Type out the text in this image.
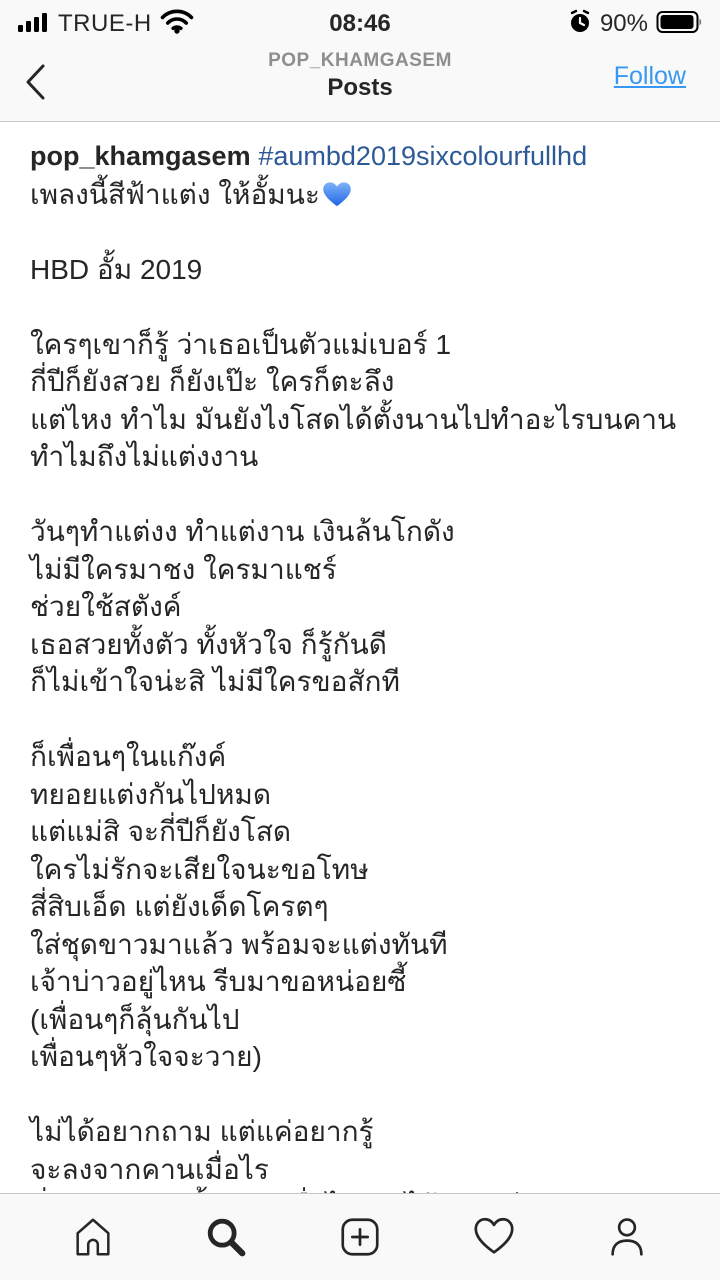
TRUE-H	08:46	90%
POP_KHAMGASEM
Posts	Follow
pop_khamgasem #aumbd2019sixcolourfullhd
เพลงนี้สีฟ้าแต่ง ให้อั้มนะ

HBD อั้ม 2019

ใครๆเขาก็รู้ ว่าเธอเป็นตัวแม่เบอร์ 1
กี่ปีก็ยังสวย ก็ยังเป๊ะ ใครก็ตะลึง
แต่ไหง ทำไม มันยังไงโสดได้ตั้งนานไปทำอะไรบนคาน
ทำไมถึงไม่แต่งงาน

วันๆทำแต่งง ทำแต่งาน เงินล้นโกดัง
ไม่มีใครมาชง ใครมาแชร์
ช่วยใช้สตังค์
เธอสวยทั้งตัว ทั้งหัวใจ ก็รู้กันดี
ก็ไม่เข้าใจน่ะสิ ไม่มีใครขอสักที

ก็เพื่อนๆในแก๊งค์
ทยอยแต่งกันไปหมด
แต่แม่สิ จะกี่ปีก็ยังโสด
ใครไม่รักจะเสียใจนะขอโทษ
สี่สิบเอ็ด แต่ยังเด็ดโครตๆ
ใส่ชุดขาวมาแล้ว พร้อมจะแต่งทันที
เจ้าบ่าวอยู่ไหน รีบมาขอหน่อยซี้
(เพื่อนๆก็ลุ้นกันไป
เพื่อนๆหัวใจจะวาย)

ไม่ได้อยากถาม แต่แค่อยากรู้
จะลงจากคานเมื่อไร
